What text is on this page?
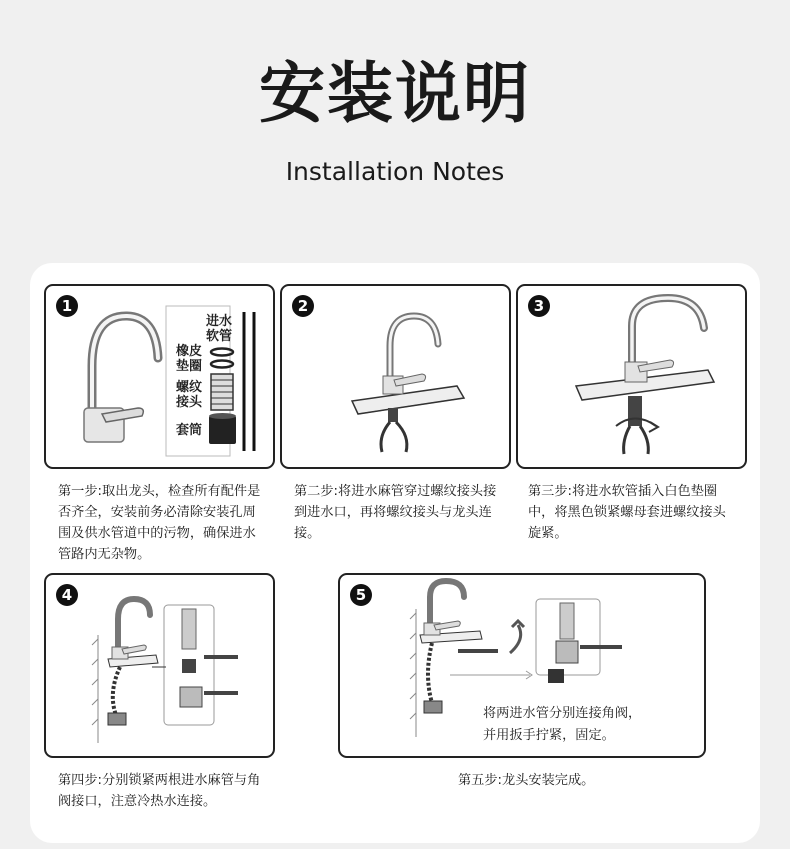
安装说明
Installation Notes
1
进水软管
橡皮垫圈
螺纹接头
套筒
2	3
第一步:取出龙头，检查所有配件是否齐全，安装前务必清除安装孔周围及供水管道中的污物，确保进水管路内无杂物。
第二步:将进水麻管穿过螺纹接头接到进水口，再将螺纹接头与龙头连接。
第三步:将进水软管插入白色垫圈中，将黑色锁紧螺母套进螺纹接头旋紧。
4
第四步:分别锁紧两根进水麻管与角阀接口，注意冷热水连接。
5
将两进水管分别连接角阀，并用扳手拧紧，固定。
第五步:龙头安装完成。
